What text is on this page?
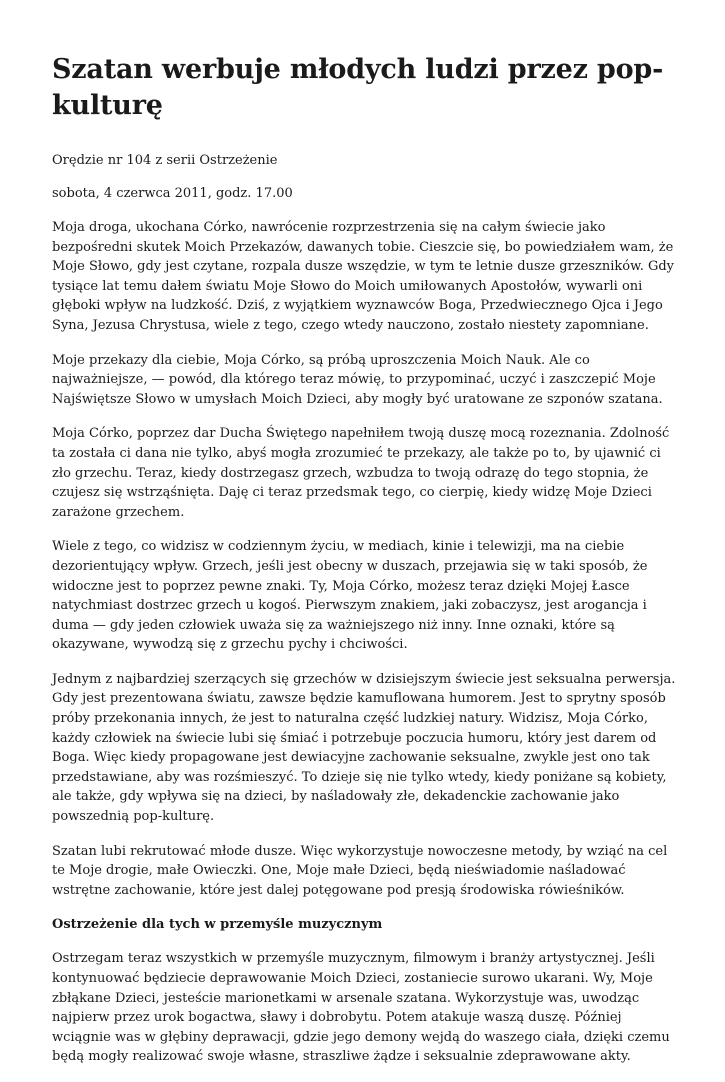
Szatan werbuje młodych ludzi przez pop-kulturę

Orędzie nr 104 z serii Ostrzeżenie

sobota, 4 czerwca 2011, godz. 17.00

Moja droga, ukochana Córko, nawrócenie rozprzestrzenia się na całym świecie jako bezpośredni skutek Moich Przekazów, dawanych tobie. Cieszcie się, bo powiedziałem wam, że Moje Słowo, gdy jest czytane, rozpala dusze wszędzie, w tym te letnie dusze grzeszników. Gdy tysiące lat temu dałem światu Moje Słowo do Moich umiłowanych Apostołów, wywarli oni głęboki wpływ na ludzkość. Dziś, z wyjątkiem wyznawców Boga, Przedwiecznego Ojca i Jego Syna, Jezusa Chrystusa, wiele z tego, czego wtedy nauczono, zostało niestety zapomniane.

Moje przekazy dla ciebie, Moja Córko, są próbą uproszczenia Moich Nauk. Ale co najważniejsze, — powód, dla którego teraz mówię, to przypominać, uczyć i zaszczepić Moje Najświętsze Słowo w umysłach Moich Dzieci, aby mogły być uratowane ze szponów szatana.

Moja Córko, poprzez dar Ducha Świętego napełniłem twoją duszę mocą rozeznania. Zdolność ta została ci dana nie tylko, abyś mogła zrozumieć te przekazy, ale także po to, by ujawnić ci zło grzechu. Teraz, kiedy dostrzegasz grzech, wzbudza to twoją odrazę do tego stopnia, że czujesz się wstrząśnięta. Daję ci teraz przedsmak tego, co cierpię, kiedy widzę Moje Dzieci zarażone grzechem.

Wiele z tego, co widzisz w codziennym życiu, w mediach, kinie i telewizji, ma na ciebie dezorientujący wpływ. Grzech, jeśli jest obecny w duszach, przejawia się w taki sposób, że widoczne jest to poprzez pewne znaki. Ty, Moja Córko, możesz teraz dzięki Mojej Łasce natychmiast dostrzec grzech u kogoś. Pierwszym znakiem, jaki zobaczysz, jest arogancja i duma — gdy jeden człowiek uważa się za ważniejszego niż inny. Inne oznaki, które są okazywane, wywodzą się z grzechu pychy i chciwości.

Jednym z najbardziej szerzących się grzechów w dzisiejszym świecie jest seksualna perwersja. Gdy jest prezentowana światu, zawsze będzie kamuflowana humorem. Jest to sprytny sposób próby przekonania innych, że jest to naturalna część ludzkiej natury. Widzisz, Moja Córko, każdy człowiek na świecie lubi się śmiać i potrzebuje poczucia humoru, który jest darem od Boga. Więc kiedy propagowane jest dewiacyjne zachowanie seksualne, zwykle jest ono tak przedstawiane, aby was rozśmieszyć. To dzieje się nie tylko wtedy, kiedy poniżane są kobiety, ale także, gdy wpływa się na dzieci, by naśladowały złe, dekadenckie zachowanie jako powszednią pop-kulturę.

Szatan lubi rekrutować młode dusze. Więc wykorzystuje nowoczesne metody, by wziąć na cel te Moje drogie, małe Owieczki. One, Moje małe Dzieci, będą nieświadomie naśladować wstrętne zachowanie, które jest dalej potęgowane pod presją środowiska rówieśników.

Ostrzeżenie dla tych w przemyśle muzycznym

Ostrzegam teraz wszystkich w przemyśle muzycznym, filmowym i branży artystycznej. Jeśli kontynuować będziecie deprawowanie Moich Dzieci, zostaniecie surowo ukarani. Wy, Moje zbłąkane Dzieci, jesteście marionetkami w arsenale szatana. Wykorzystuje was, uwodząc najpierw przez urok bogactwa, sławy i dobrobytu. Potem atakuje waszą duszę. Później wciągnie was w głębiny deprawacji, gdzie jego demony wejdą do waszego ciała, dzięki czemu będą mogły realizować swoje własne, straszliwe żądze i seksualnie zdeprawowane akty.
